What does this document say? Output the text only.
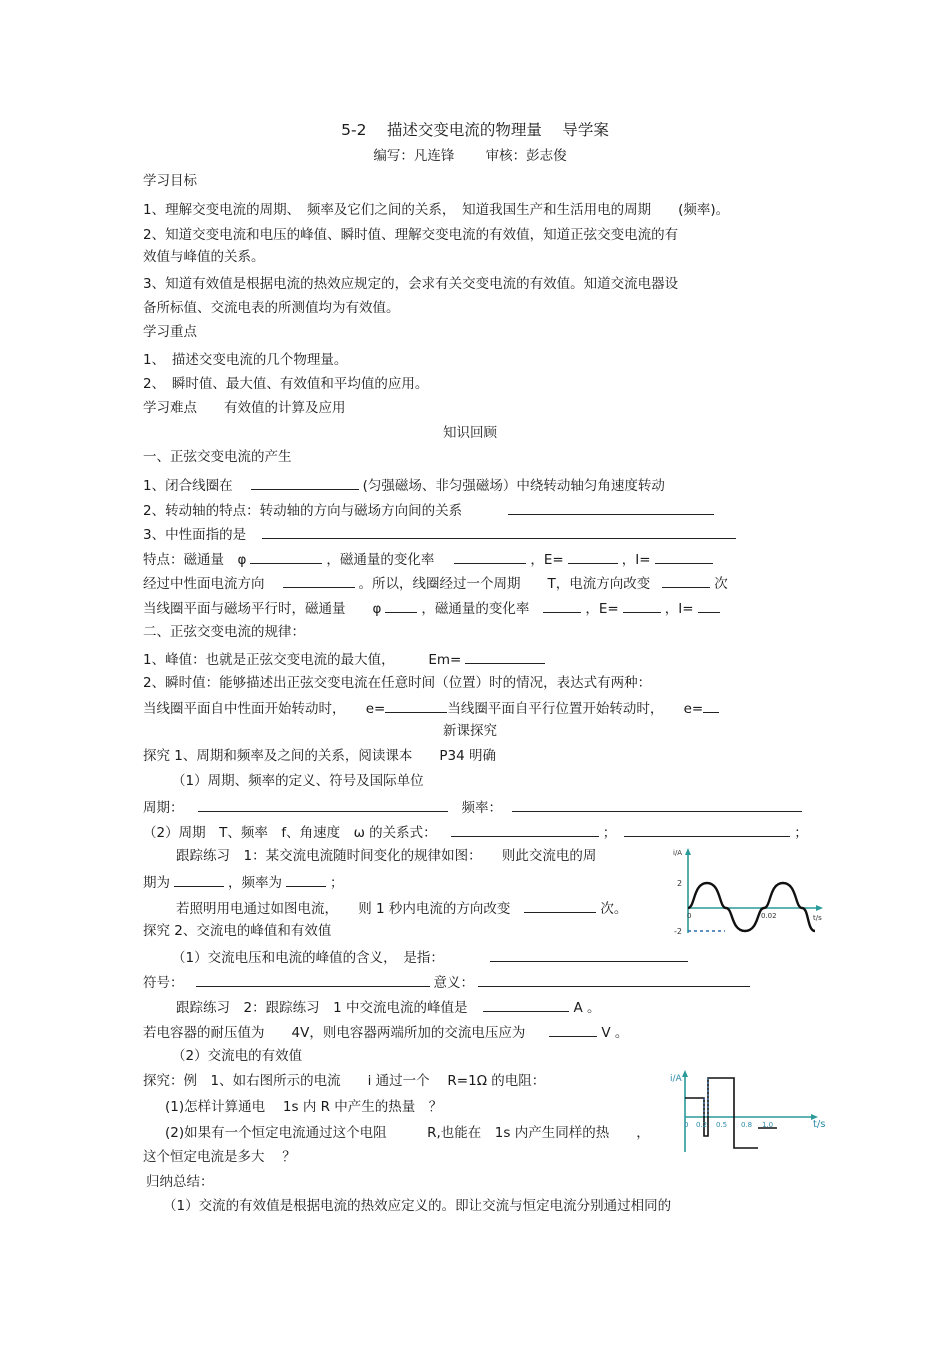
5-2　 描述交变电流的物理量　 导学案
编写：凡连锋　　 审核：彭志俊
学习目标
1、理解交变电流的周期、　频率及它们之间的关系，　知道我国生产和生活用电的周期　　(频率)。
2、知道交变电流和电压的峰值、瞬时值、理解交变电流的有效值，知道正弦交变电流的有
效值与峰值的关系。
3、知道有效值是根据电流的热效应规定的，会求有关交变电流的有效值。知道交流电器设
备所标值、交流电表的所测值均为有效值。
学习重点
1、　描述交变电流的几个物理量。
2、　瞬时值、最大值、有效值和平均值的应用。
学习难点　　有效值的计算及应用
知识回顾
一、正弦交变电流的产生
1、闭合线圈在	(匀强磁场、非匀强磁场）中绕转动轴匀角速度转动
2、转动轴的特点：转动轴的方向与磁场方向间的关系
3、中性面指的是
特点：磁通量　φ	，磁通量的变化率	，E=	，I=
经过中性面电流方向	。所以，线圈经过一个周期　　T，电流方向改变	次
当线圈平面与磁场平行时，磁通量　　φ	，磁通量的变化率	，E=	，I=
二、正弦交变电流的规律：
1、峰值：也就是正弦交变电流的最大值，　　　Em=
2、瞬时值：能够描述出正弦交变电流在任意时间（位置）时的情况，表达式有两种：
当线圈平面自中性面开始转动时，　　e=	当线圈平面自平行位置开始转动时，　　e=
新课探究
探究 1、周期和频率及之间的关系，阅读课本　　P34 明确
（1）周期、频率的定义、符号及国际单位
周期：	频率：
（2）周期　T、频率　f、角速度　ω 的关系式：	；	；
跟踪练习　1：某交流电流随时间变化的规律如图：　　则此交流电的周
期为	，频率为	；
若照明用电通过如图电流，　　则 1 秒内电流的方向改变	次。
i/A
2
-2
0	0.02	t/s
探究 2、交流电的峰值和有效值
（1）交流电压和电流的峰值的含义，　是指：
符号：	意义：
跟踪练习　2：跟踪练习　1 中交流电流的峰值是	A 。
若电容器的耐压值为　　4V，则电容器两端所加的交流电压应为	V 。
（2）交流电的有效值
探究：例　1、如右图所示的电流　　i 通过一个　 R=1Ω 的电阻：
(1)怎样计算通电　 1s 内 R 中产生的热量　？
(2)如果有一个恒定电流通过这个电阻　　　R,也能在　1s 内产生同样的热　　，
这个恒定电流是多大　 ？
i/A
0 0.2 0.5 0.8 1.0	t/s
归纳总结：
（1）交流的有效值是根据电流的热效应定义的。即让交流与恒定电流分别通过相同的
